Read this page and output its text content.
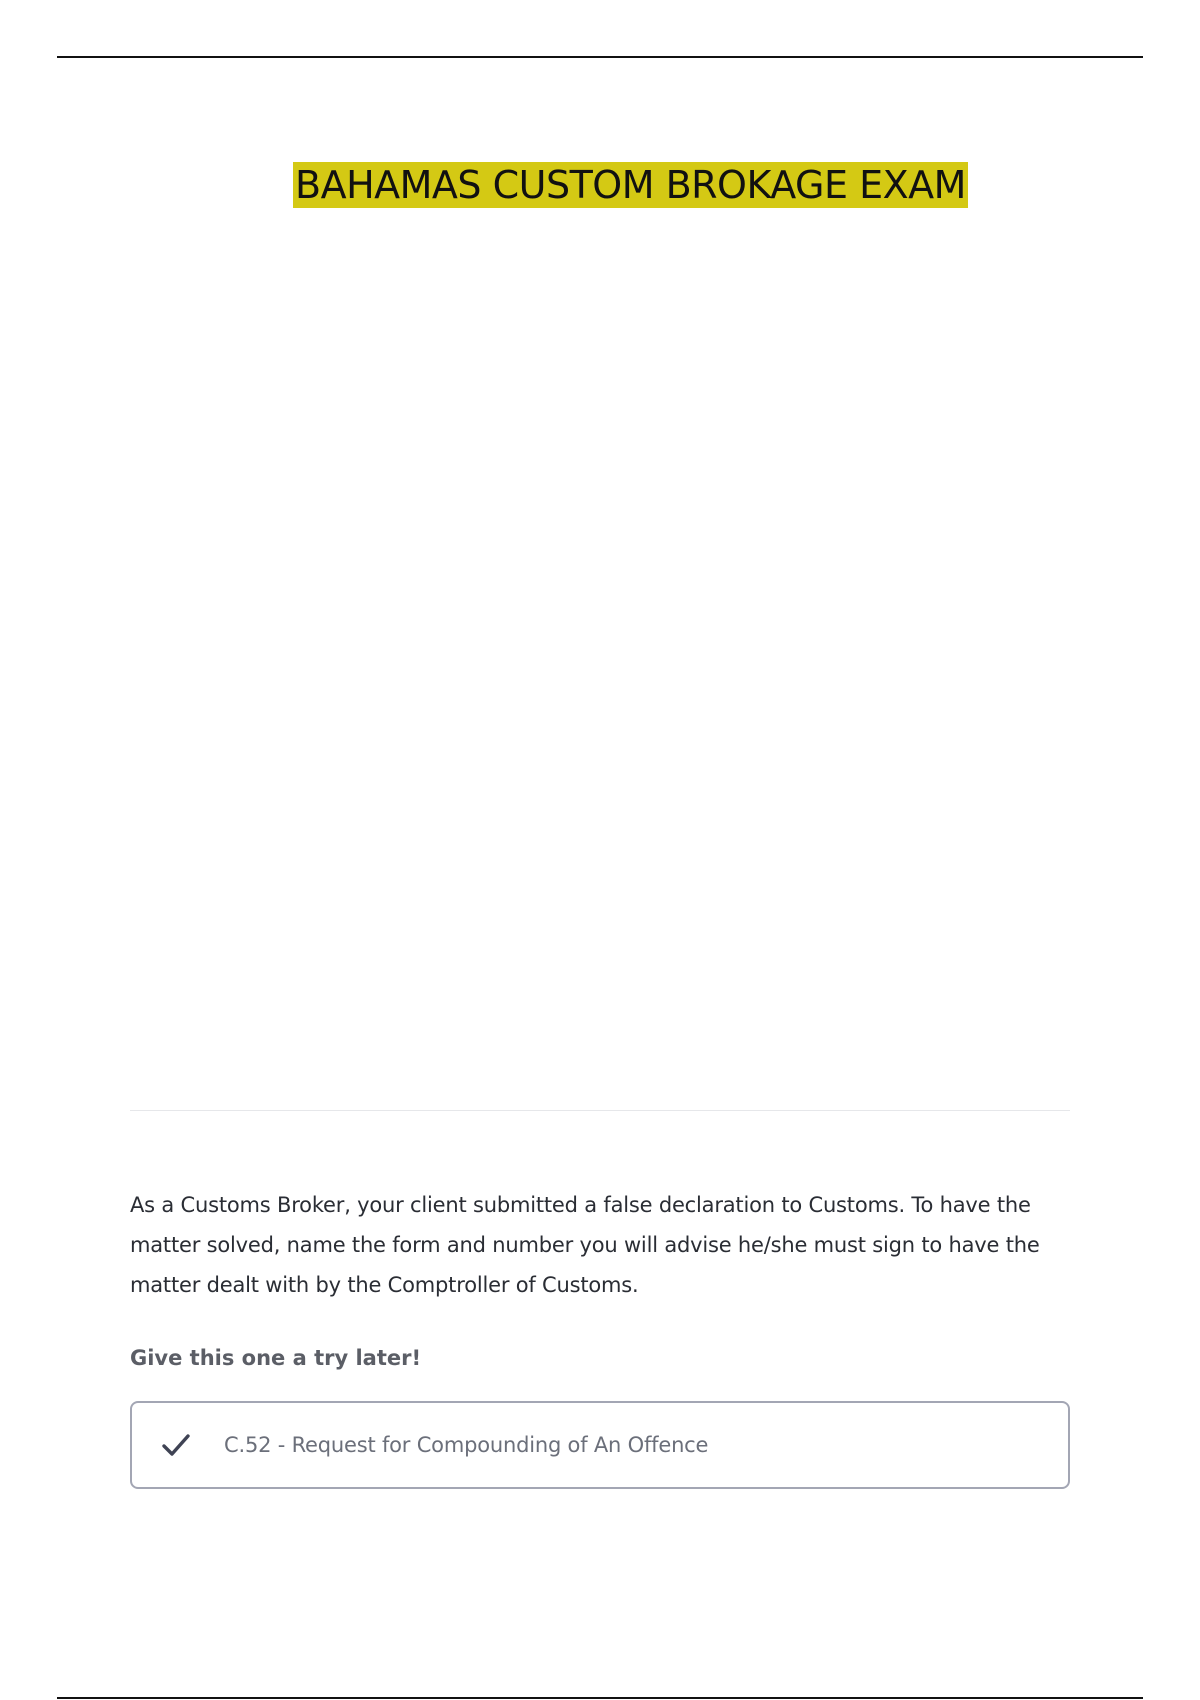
BAHAMAS CUSTOM BROKAGE EXAM

As a Customs Broker, your client submitted a false declaration to Customs. To have the matter solved, name the form and number you will advise he/she must sign to have the matter dealt with by the Comptroller of Customs.

Give this one a try later!

C.52 - Request for Compounding of An Offence
